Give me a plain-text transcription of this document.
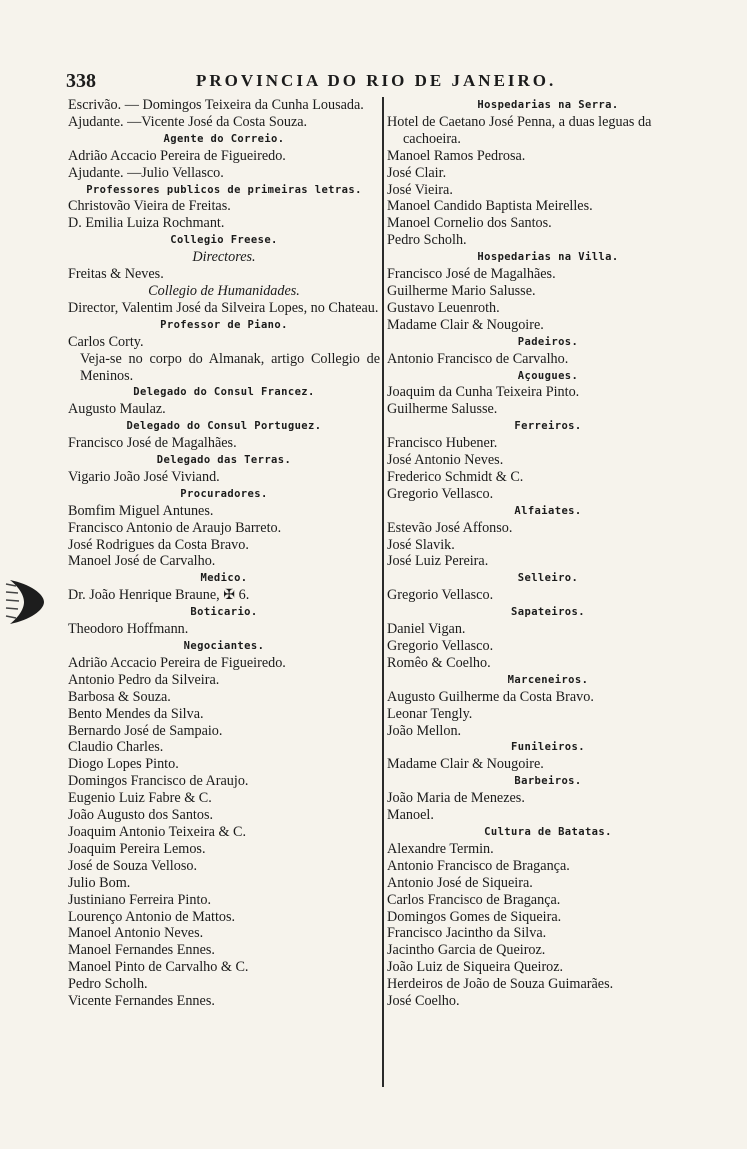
338	PROVINCIA DO RIO DE JANEIRO.
Escrivão. — Domingos Teixeira da Cunha Lousada.
Ajudante. —Vicente José da Costa Souza.
Agente do Correio.
Adrião Accacio Pereira de Figueiredo.
Ajudante. —Julio Vellasco.
Professores publicos de primeiras letras.
Christovão Vieira de Freitas.
D. Emilia Luiza Rochmant.
Collegio Freese.
Directores.
Freitas & Neves.
Collegio de Humanidades.
Director, Valentim José da Silveira Lopes, no Chateau.
Professor de Piano.
Carlos Corty.
Veja-se no corpo do Almanak, artigo Collegio de Meninos.
Delegado do Consul Francez.
Augusto Maulaz.
Delegado do Consul Portuguez.
Francisco José de Magalhães.
Delegado das Terras.
Vigario João José Viviand.
Procuradores.
Bomfim Miguel Antunes.
Francisco Antonio de Araujo Barreto.
José Rodrigues da Costa Bravo.
Manoel José de Carvalho.
Medico.
Dr. João Henrique Braune, ✠ 6.
Boticario.
Theodoro Hoffmann.
Negociantes.
Adrião Accacio Pereira de Figueiredo.
Antonio Pedro da Silveira.
Barbosa & Souza.
Bento Mendes da Silva.
Bernardo José de Sampaio.
Claudio Charles.
Diogo Lopes Pinto.
Domingos Francisco de Araujo.
Eugenio Luiz Fabre & C.
João Augusto dos Santos.
Joaquim Antonio Teixeira & C.
Joaquim Pereira Lemos.
José de Souza Velloso.
Julio Bom.
Justiniano Ferreira Pinto.
Lourenço Antonio de Mattos.
Manoel Antonio Neves.
Manoel Fernandes Ennes.
Manoel Pinto de Carvalho & C.
Pedro Scholh.
Vicente Fernandes Ennes.
Hospedarias na Serra.
Hotel de Caetano José Penna, a duas leguas da cachoeira.
Manoel Ramos Pedrosa.
José Clair.
José Vieira.
Manoel Candido Baptista Meirelles.
Manoel Cornelio dos Santos.
Pedro Scholh.
Hospedarias na Villa.
Francisco José de Magalhães.
Guilherme Mario Salusse.
Gustavo Leuenroth.
Madame Clair & Nougoire.
Padeiros.
Antonio Francisco de Carvalho.
Açougues.
Joaquim da Cunha Teixeira Pinto.
Guilherme Salusse.
Ferreiros.
Francisco Hubener.
José Antonio Neves.
Frederico Schmidt & C.
Gregorio Vellasco.
Alfaiates.
Estevão José Affonso.
José Slavik.
José Luiz Pereira.
Selleiro.
Gregorio Vellasco.
Sapateiros.
Daniel Vigan.
Gregorio Vellasco.
Romêo & Coelho.
Marceneiros.
Augusto Guilherme da Costa Bravo.
Leonar Tengly.
João Mellon.
Funileiros.
Madame Clair & Nougoire.
Barbeiros.
João Maria de Menezes.
Manoel.
Cultura de Batatas.
Alexandre Termin.
Antonio Francisco de Bragança.
Antonio José de Siqueira.
Carlos Francisco de Bragança.
Domingos Gomes de Siqueira.
Francisco Jacintho da Silva.
Jacintho Garcia de Queiroz.
João Luiz de Siqueira Queiroz.
Herdeiros de João de Souza Guimarães.
José Coelho.
